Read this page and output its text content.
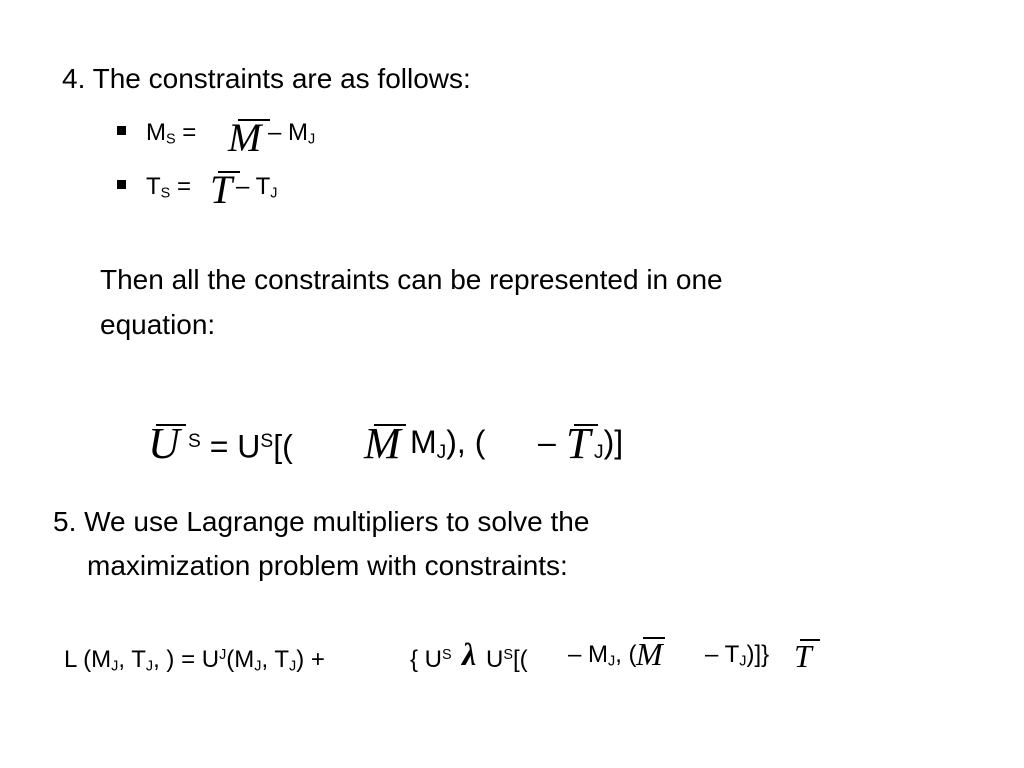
4. The constraints are as follows:
$M_S = M - M_J$
$T_S = T - T_J$
Then all the constraints can be represented in one
equation:
U $^S = U^S$[( M $M_J$), ( – T $_J$)]
5. We use Lagrange multipliers to solve the
maximization problem with constraints:
L ($M_J$, $T_J$, ) = $U^J(M_J$, $T_J$) +	{ $U^S$ λ $U^S[( - M_J$, ( M – $T_J$)]} T
